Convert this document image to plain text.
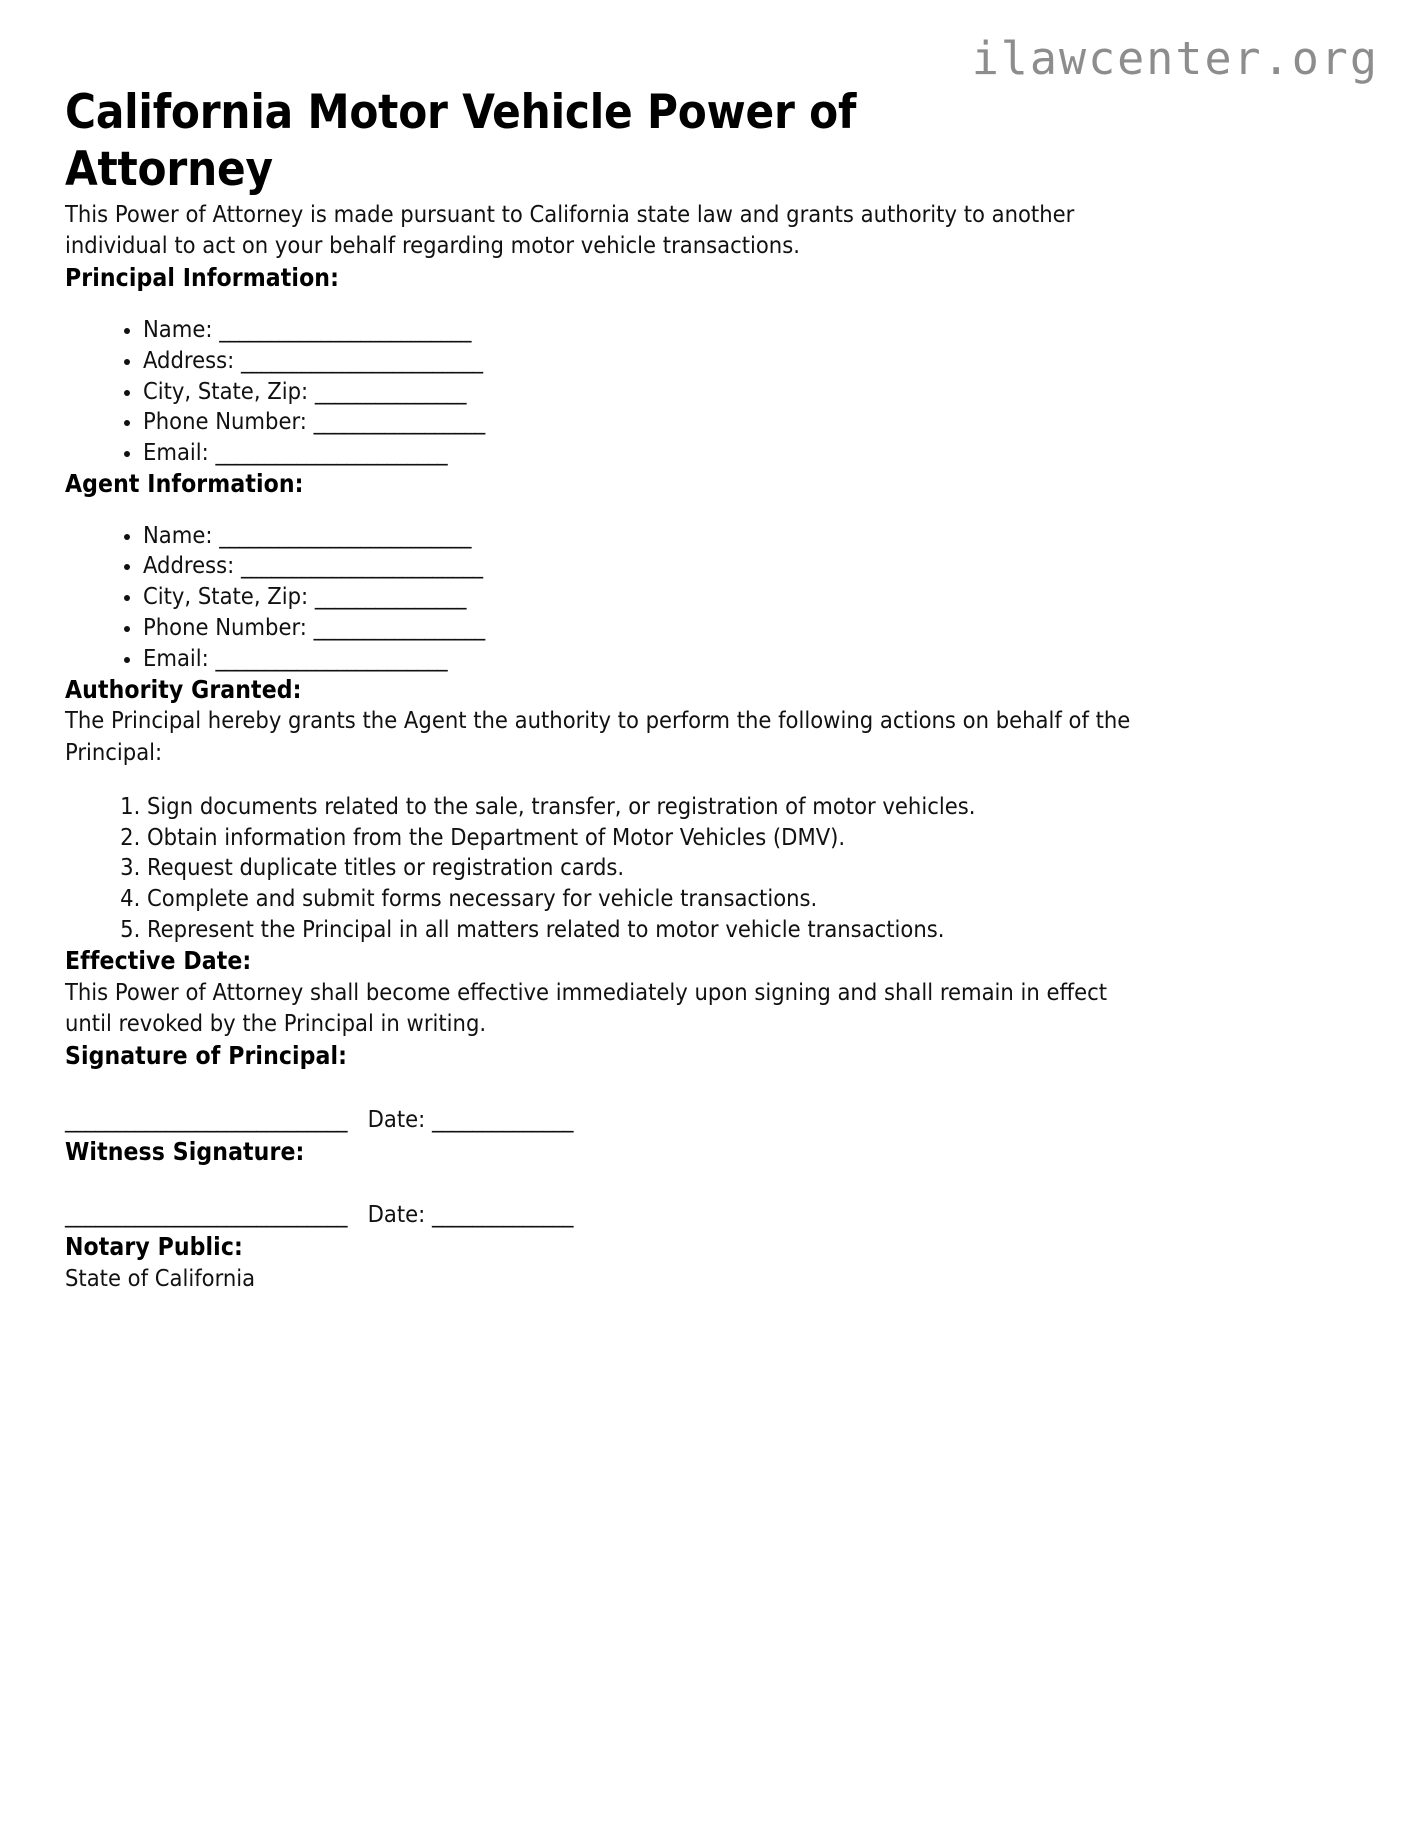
ilawcenter.org
California Motor Vehicle Power of Attorney

This Power of Attorney is made pursuant to California state law and grants authority to another individual to act on your behalf regarding motor vehicle transactions.

Principal Information:
• Name: _________________________
• Address: ________________________
• City, State, Zip: _______________
• Phone Number: _________________
• Email: _______________________
Agent Information:
• Name: _________________________
• Address: ________________________
• City, State, Zip: _______________
• Phone Number: _________________
• Email: _______________________
Authority Granted:

The Principal hereby grants the Agent the authority to perform the following actions on behalf of the Principal:

1. Sign documents related to the sale, transfer, or registration of motor vehicles.
2. Obtain information from the Department of Motor Vehicles (DMV).
3. Request duplicate titles or registration cards.
4. Complete and submit forms necessary for vehicle transactions.
5. Represent the Principal in all matters related to motor vehicle transactions.
Effective Date:

This Power of Attorney shall become effective immediately upon signing and shall remain in effect until revoked by the Principal in writing.

Signature of Principal:
____________________________ Date: ______________
Witness Signature:
____________________________ Date: ______________
Notary Public:

State of California
